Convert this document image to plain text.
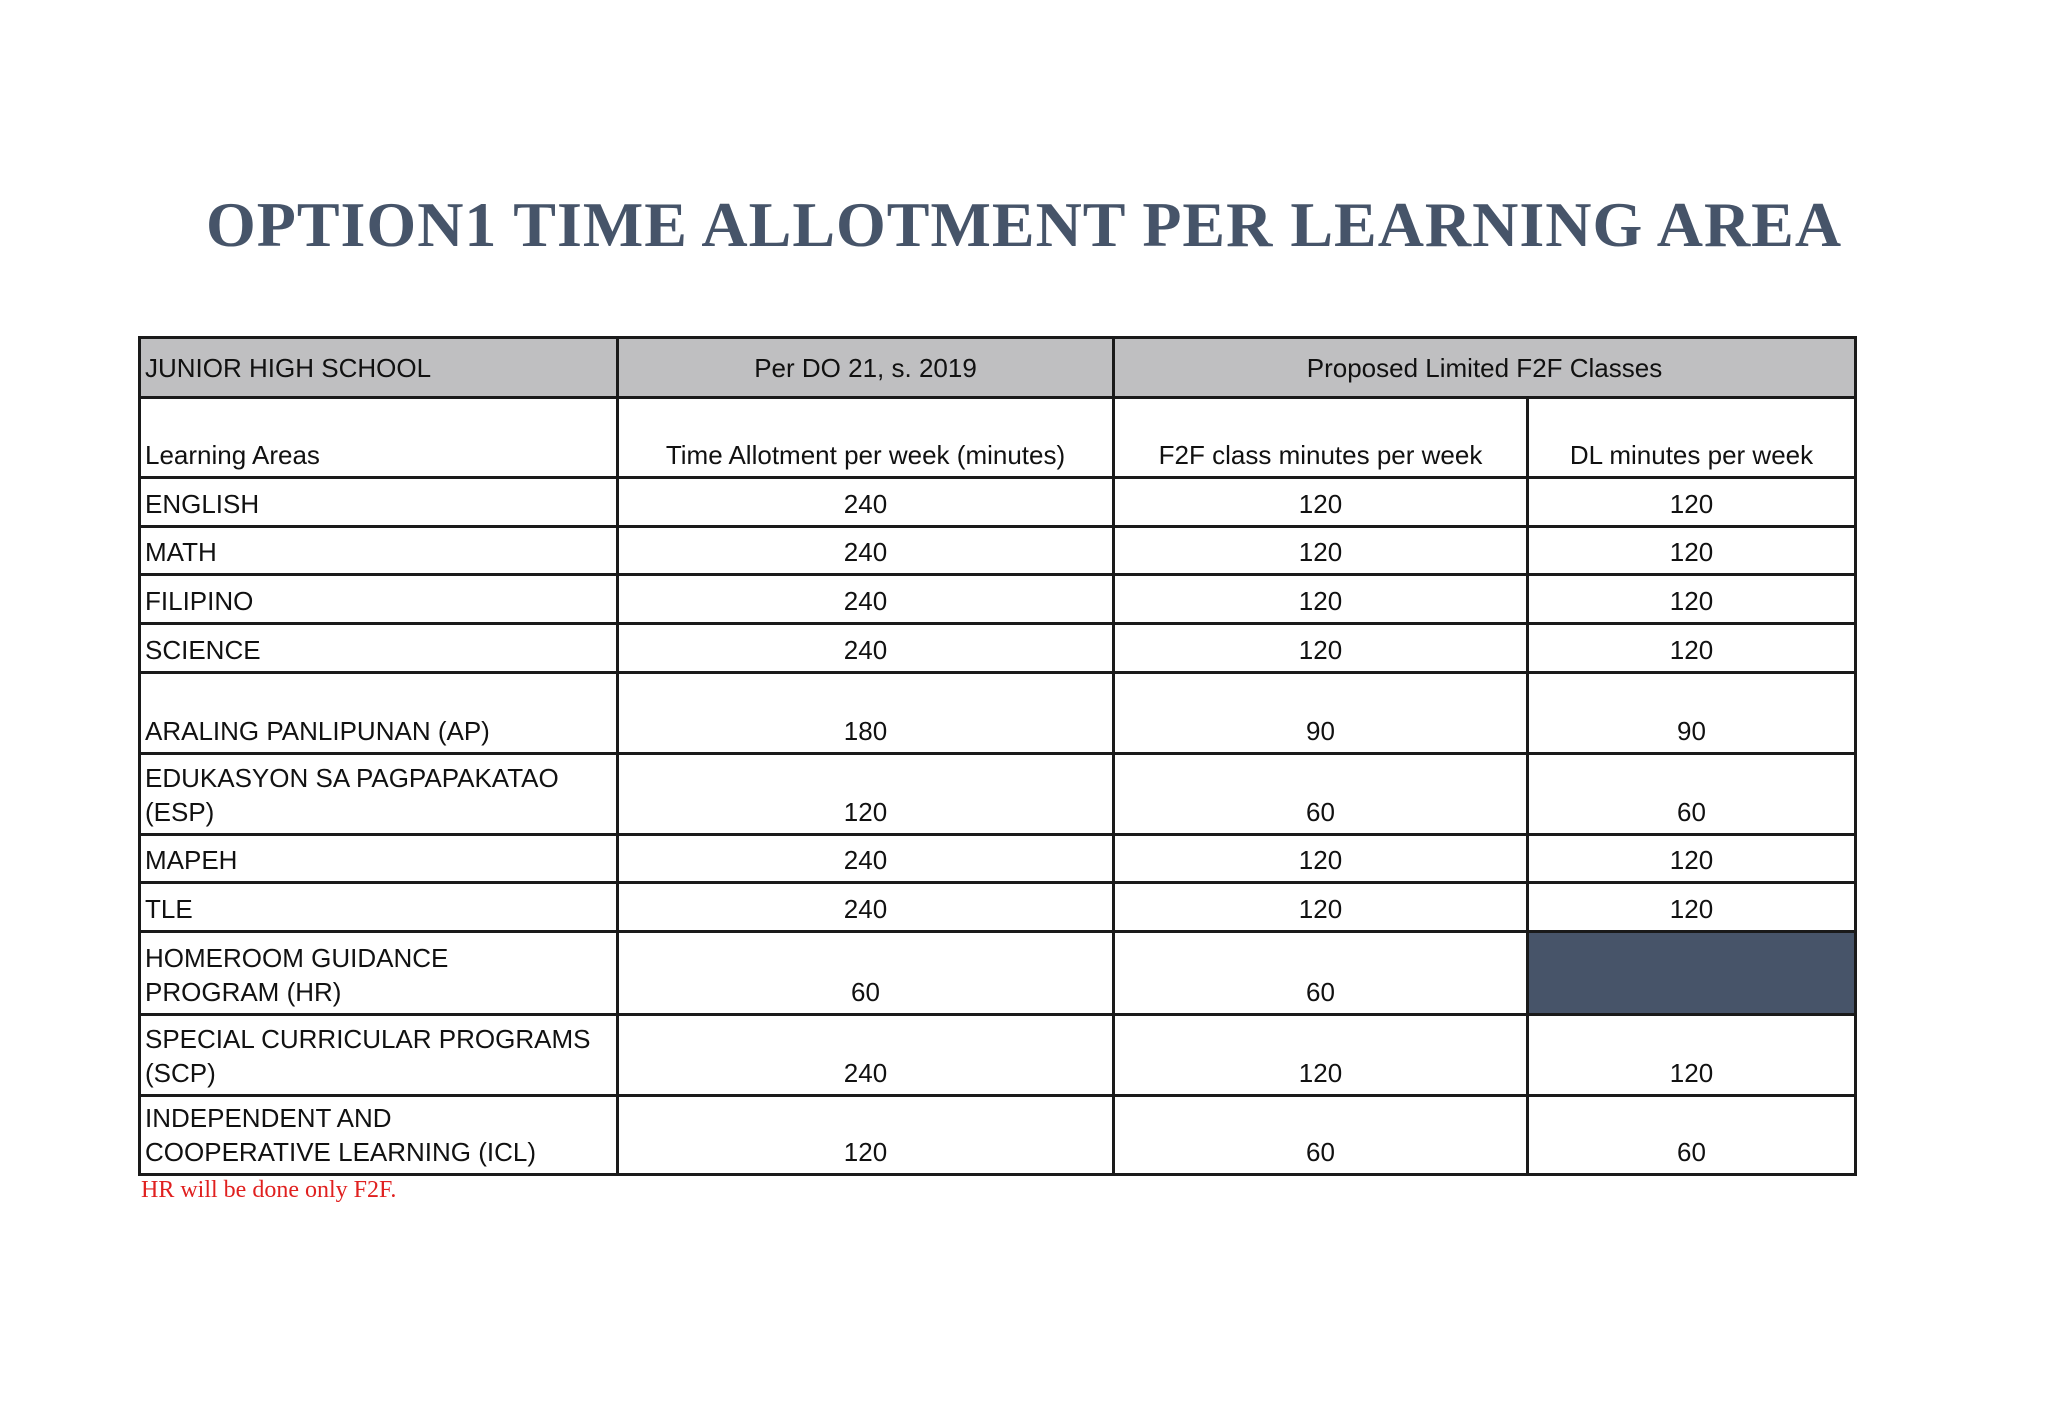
OPTION1 TIME ALLOTMENT PER LEARNING AREA
JUNIOR HIGH SCHOOL	Per DO 21, s. 2019	Proposed Limited F2F Classes
Learning Areas	Time Allotment per week (minutes)	F2F class minutes per week	DL minutes per week
ENGLISH	240	120	120
MATH	240	120	120
FILIPINO	240	120	120
SCIENCE	240	120	120
ARALING PANLIPUNAN (AP)	180	90	90
EDUKASYON SA PAGPAPAKATAO (ESP)	120	60	60
MAPEH	240	120	120
TLE	240	120	120
HOMEROOM GUIDANCE PROGRAM (HR)	60	60
SPECIAL CURRICULAR PROGRAMS (SCP)	240	120	120
INDEPENDENT AND COOPERATIVE LEARNING (ICL)	120	60	60
HR will be done only F2F.
